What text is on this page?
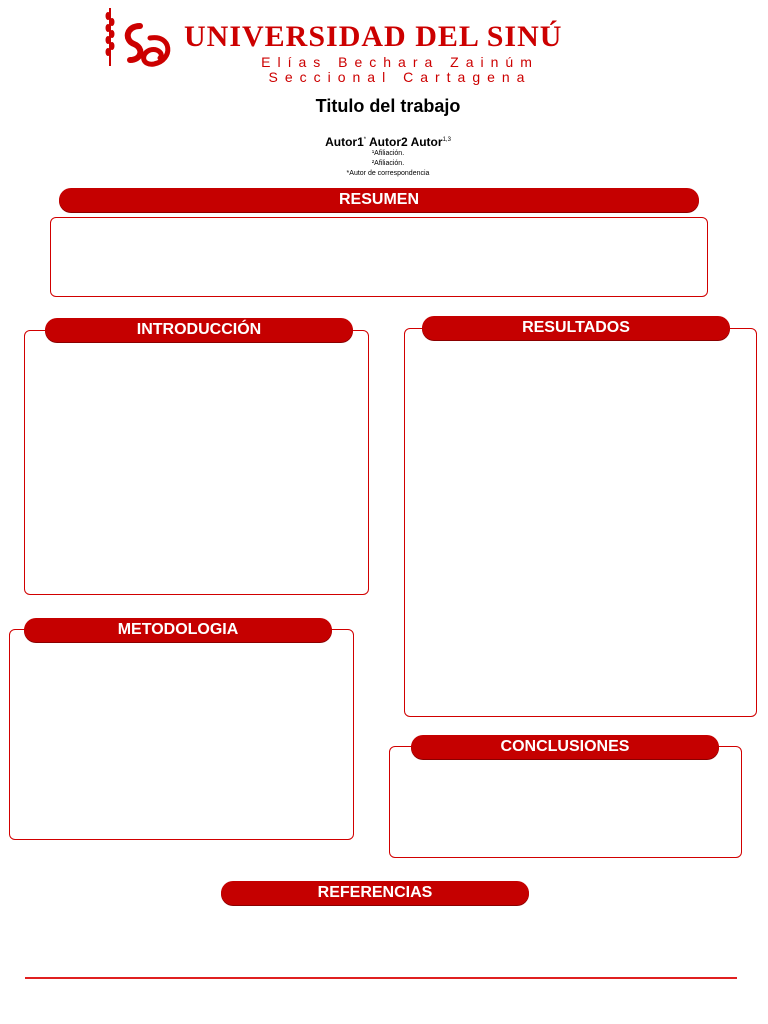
UNIVERSIDAD DEL SINÚ
Elías Bechara Zainúm
Seccional Cartagena
Titulo del trabajo
Autor1* Autor2 Autor$^{1,3}$
¹Afiliación.
²Afiliación.
*Autor de correspondencia
RESUMEN
INTRODUCCIÓN	RESULTADOS
METODOLOGIA
CONCLUSIONES
REFERENCIAS
